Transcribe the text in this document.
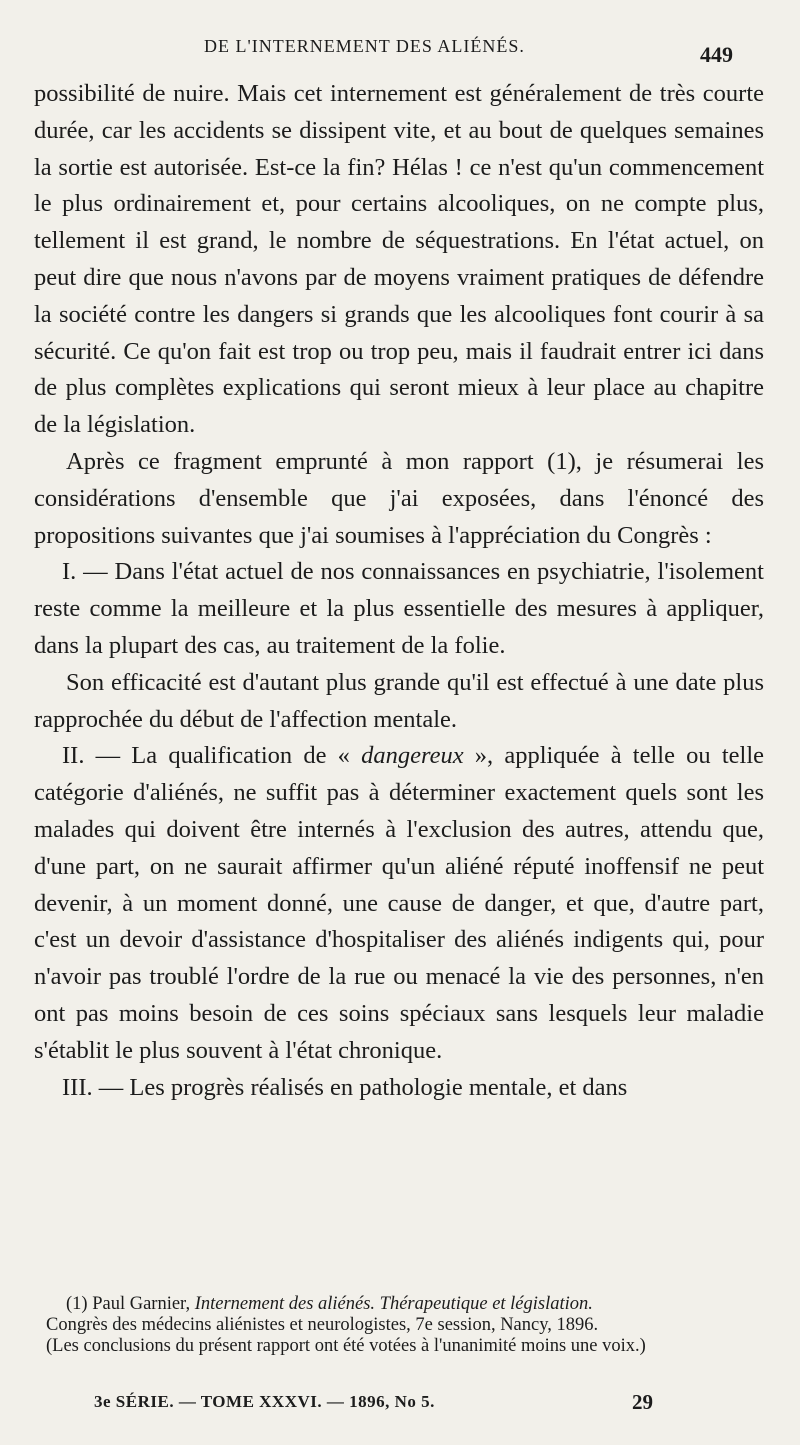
DE L'INTERNEMENT DES ALIÉNÉS.	449

possibilité de nuire. Mais cet internement est généralement de très courte durée, car les accidents se dissipent vite, et au bout de quelques semaines la sortie est autorisée. Est-ce la fin? Hélas ! ce n'est qu'un commencement le plus ordinairement et, pour certains alcooliques, on ne compte plus, tellement il est grand, le nombre de séquestrations. En l'état actuel, on peut dire que nous n'avons par de moyens vraiment pratiques de défendre la société contre les dangers si grands que les alcooliques font courir à sa sécurité. Ce qu'on fait est trop ou trop peu, mais il faudrait entrer ici dans de plus complètes explications qui seront mieux à leur place au chapitre de la législation.

Après ce fragment emprunté à mon rapport (1), je résumerai les considérations d'ensemble que j'ai exposées, dans l'énoncé des propositions suivantes que j'ai soumises à l'appréciation du Congrès :

I. — Dans l'état actuel de nos connaissances en psychiatrie, l'isolement reste comme la meilleure et la plus essentielle des mesures à appliquer, dans la plupart des cas, au traitement de la folie.

Son efficacité est d'autant plus grande qu'il est effectué à une date plus rapprochée du début de l'affection mentale.

II. — La qualification de « dangereux », appliquée à telle ou telle catégorie d'aliénés, ne suffit pas à déterminer exactement quels sont les malades qui doivent être internés à l'exclusion des autres, attendu que, d'une part, on ne saurait affirmer qu'un aliéné réputé inoffensif ne peut devenir, à un moment donné, une cause de danger, et que, d'autre part, c'est un devoir d'assistance d'hospitaliser des aliénés indigents qui, pour n'avoir pas troublé l'ordre de la rue ou menacé la vie des personnes, n'en ont pas moins besoin de ces soins spéciaux sans lesquels leur maladie s'établit le plus souvent à l'état chronique.

III. — Les progrès réalisés en pathologie mentale, et dans

(1) Paul Garnier, Internement des aliénés. Thérapeutique et législation.

Congrès des médecins aliénistes et neurologistes, 7e session, Nancy, 1896.

(Les conclusions du présent rapport ont été votées à l'unanimité moins une voix.)

3e SÉRIE. — TOME XXXVI. — 1896, No 5.	29
